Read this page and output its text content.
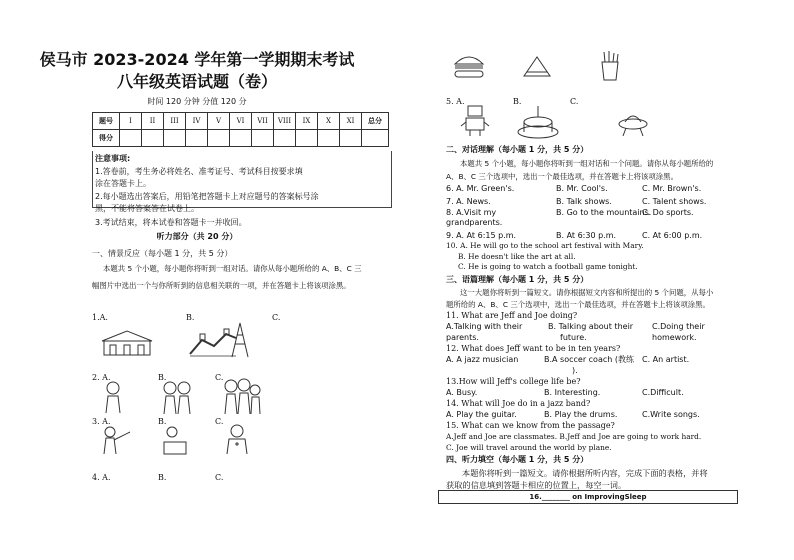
侯马市 2023-2024 学年第一学期期末考试
八年级英语试题（卷）
时间 120 分钟 分值 120 分
题号	I	II	III	IV	V	VI	VII	VIII	IX	X	XI	总分
得分												
注意事项:
1.答卷前，考生务必将姓名、准考证号、考试科目按要求填
涂在答题卡上。
2.每小题选出答案后，用铅笔把答题卡上对应题号的答案标号涂
黑，不能将答案答在试卷上。
3.考试结束，将本试卷和答题卡一并收回。
听力部分（共 20 分）
一、情景反应（每小题 1 分，共 5 分）
本题共 5 个小题，每小题你将听到一组对话。请你从每小题所给的 A、B、C 三
幅图片中选出一个与你所听到的信息相关联的一项，并在答题卡上将该项涂黑。
1.A.	B.	C.
2. A.	B.	C.
3. A.	B.	C.
4. A.	B.	C.
5. A.	B.	C.
二、对话理解（每小题 1 分，共 5 分）
本题共 5 个小题，每小题你将听到一组对话和一个问题。请你从每小题所给的
A、B、C 三个选项中，选出一个最佳选项，并在答题卡上将该项涂黑。
6. A. Mr. Green's.	B. Mr. Cool's.	C. Mr. Brown's.
7. A. News.	B. Talk shows.	C. Talent shows.
8. A.Visit my
grandparents.
B. Go to the mountains.
C. Do sports.
9. A. At 6:15 p.m.	B. At 6:30 p.m.	C. At 6:00 p.m.
10. A. He will go to the school art festival with Mary.
B. He doesn't like the art at all.
C. He is going to watch a football game tonight.
三、语篇理解（每小题 1 分，共 5 分）
这一大题你将听到一篇短文。请你根据短文内容和所提出的 5 个问题，从每小
题所给的 A、B、C 三个选项中，选出一个最佳选项，并在答题卡上将该项涂黑。
11. What are Jeff and Joe doing?
A.Talking with their
parents.
B. Talking about their
future.
C.Doing their
homework.
12. What does Jeff want to be in ten years?
A. A jazz musician	B.A soccer coach (教练
).
C. An artist.
13.How will Jeff's college life be?
A. Busy.	B. Interesting.	C.Difficult.
14. What will Joe do in a jazz band?
A. Play the guitar.	B. Play the drums.	C.Write songs.
15. What can we know from the passage?
A.Jeff and Joe are classmates. B.Jeff and Joe are going to work hard.
C. Joe will travel around the world by plane.
四、听力填空（每小题 1 分，共 5 分）
本题你将听到一篇短文。请你根据所听内容，完成下面的表格，并将
获取的信息填到答题卡相应的位置上，每空一词。
16.________ on ImprovingSleep
